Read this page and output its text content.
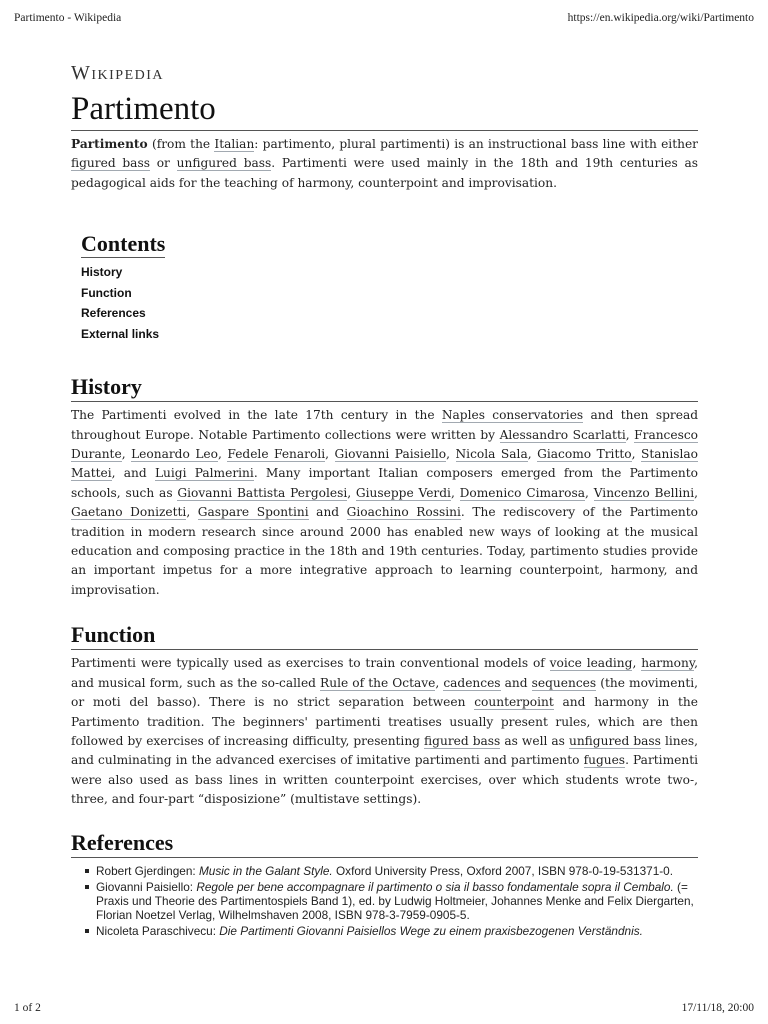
Partimento - Wikipedia	https://en.wikipedia.org/wiki/Partimento
Wikipedia
Partimento

Partimento (from the Italian: partimento, plural partimenti) is an instructional bass line with either figured bass or unfigured bass. Partimenti were used mainly in the 18th and 19th centuries as pedagogical aids for the teaching of harmony, counterpoint and improvisation.

Contents
History
Function
References
External links
History

The Partimenti evolved in the late 17th century in the Naples conservatories and then spread throughout Europe. Notable Partimento collections were written by Alessandro Scarlatti, Francesco Durante, Leonardo Leo, Fedele Fenaroli, Giovanni Paisiello, Nicola Sala, Giacomo Tritto, Stanislao Mattei, and Luigi Palmerini. Many important Italian composers emerged from the Partimento schools, such as Giovanni Battista Pergolesi, Giuseppe Verdi, Domenico Cimarosa, Vincenzo Bellini, Gaetano Donizetti, Gaspare Spontini and Gioachino Rossini. The rediscovery of the Partimento tradition in modern research since around 2000 has enabled new ways of looking at the musical education and composing practice in the 18th and 19th centuries. Today, partimento studies provide an important impetus for a more integrative approach to learning counterpoint, harmony, and improvisation.

Function

Partimenti were typically used as exercises to train conventional models of voice leading, harmony, and musical form, such as the so-called Rule of the Octave, cadences and sequences (the movimenti, or moti del basso). There is no strict separation between counterpoint and harmony in the Partimento tradition. The beginners' partimenti treatises usually present rules, which are then followed by exercises of increasing difficulty, presenting figured bass as well as unfigured bass lines, and culminating in the advanced exercises of imitative partimenti and partimento fugues. Partimenti were also used as bass lines in written counterpoint exercises, over which students wrote two-, three, and four-part “disposizione” (multistave settings).

References
Robert Gjerdingen: Music in the Galant Style. Oxford University Press, Oxford 2007, ISBN 978-0-19-531371-0.
Giovanni Paisiello: Regole per bene accompagnare il partimento o sia il basso fondamentale sopra il Cembalo. (= Praxis und Theorie des Partimentospiels Band 1), ed. by Ludwig Holtmeier, Johannes Menke and Felix Diergarten, Florian Noetzel Verlag, Wilhelmshaven 2008, ISBN 978-3-7959-0905-5.
Nicoleta Paraschivecu: Die Partimenti Giovanni Paisiellos Wege zu einem praxisbezogenen Verständnis.
1 of 2	17/11/18, 20:00
